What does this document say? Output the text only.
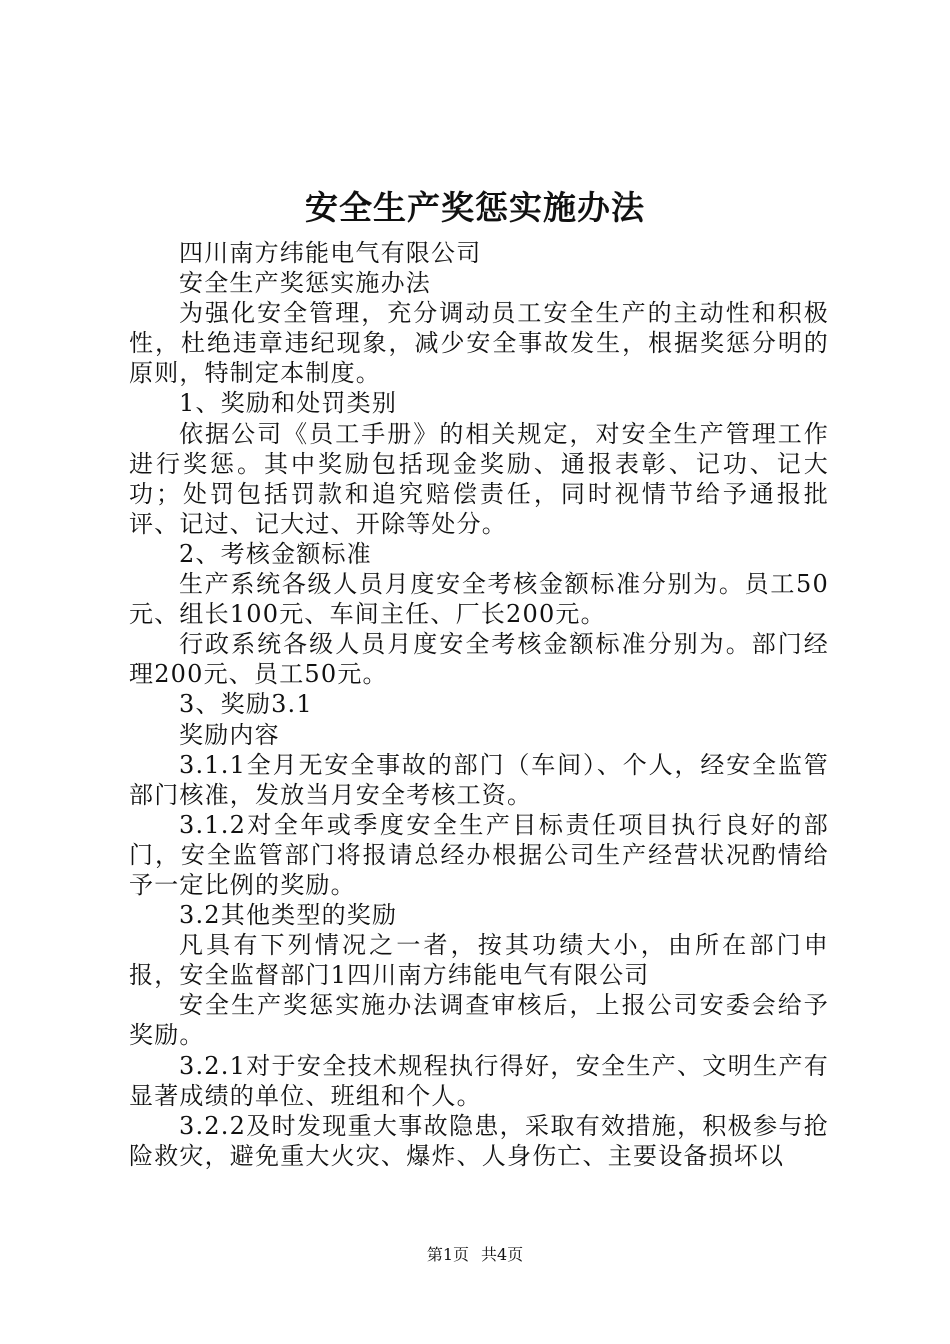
安全生产奖惩实施办法

四川南方纬能电气有限公司

安全生产奖惩实施办法

为强化安全管理，充分调动员工安全生产的主动性和积极性，杜绝违章违纪现象，减少安全事故发生，根据奖惩分明的原则，特制定本制度。

1、奖励和处罚类别

依据公司《员工手册》的相关规定，对安全生产管理工作进行奖惩。其中奖励包括现金奖励、通报表彰、记功、记大功；处罚包括罚款和追究赔偿责任，同时视情节给予通报批评、记过、记大过、开除等处分。

2、考核金额标准

生产系统各级人员月度安全考核金额标准分别为。员工50元、组长100元、车间主任、厂长200元。

行政系统各级人员月度安全考核金额标准分别为。部门经理200元、员工50元。

3、奖励3.1

奖励内容

3.1.1全月无安全事故的部门（车间）、个人，经安全监管部门核准，发放当月安全考核工资。

3.1.2对全年或季度安全生产目标责任项目执行良好的部门，安全监管部门将报请总经办根据公司生产经营状况酌情给予一定比例的奖励。

3.2其他类型的奖励

凡具有下列情况之一者，按其功绩大小，由所在部门申报，安全监督部门1四川南方纬能电气有限公司

安全生产奖惩实施办法调查审核后，上报公司安委会给予奖励。

3.2.1对于安全技术规程执行得好，安全生产、文明生产有显著成绩的单位、班组和个人。

3.2.2及时发现重大事故隐患，采取有效措施，积极参与抢险救灾，避免重大火灾、爆炸、人身伤亡、主要设备损坏以

第1页 共4页
